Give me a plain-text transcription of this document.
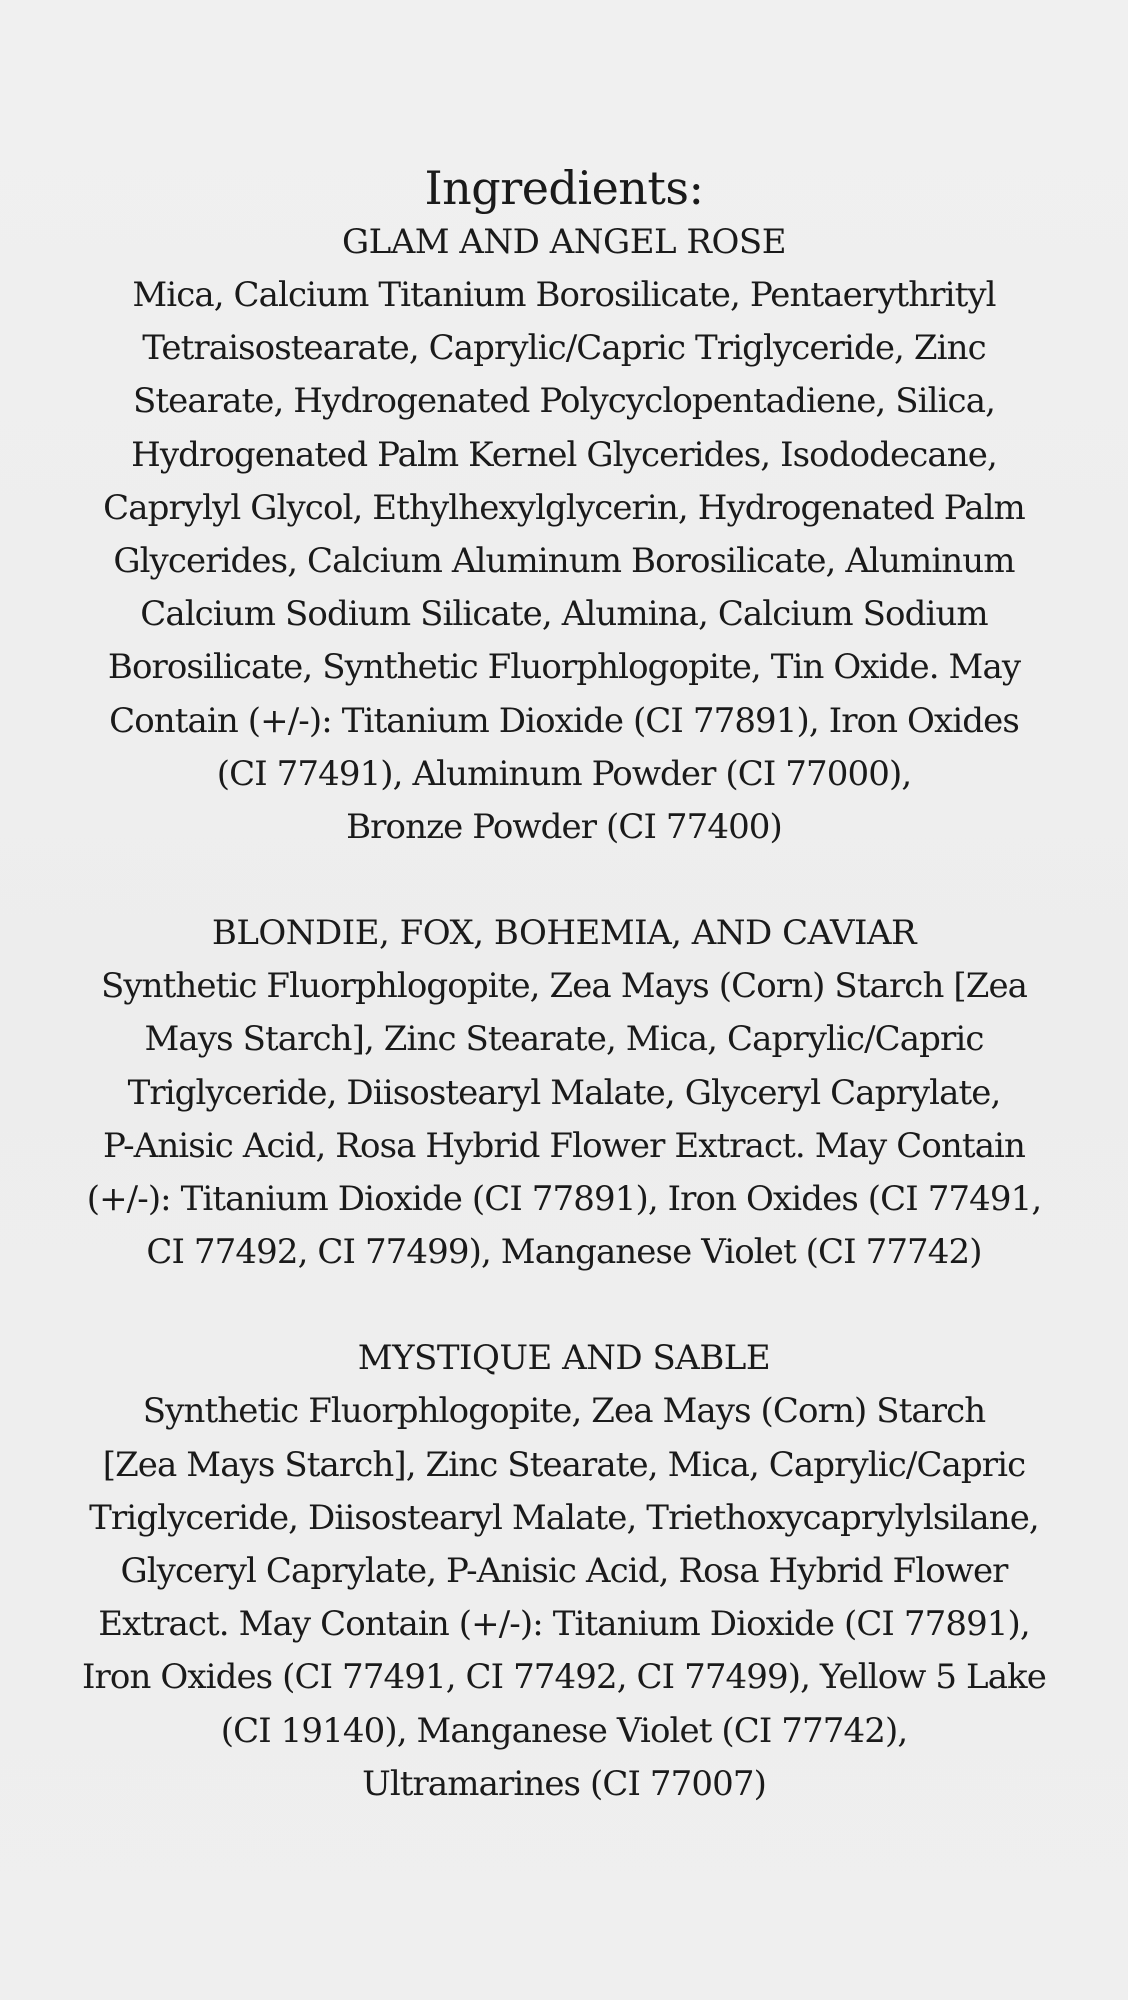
Ingredients:
GLAM AND ANGEL ROSE
Mica, Calcium Titanium Borosilicate, Pentaerythrityl
Tetraisostearate, Caprylic/Capric Triglyceride, Zinc
Stearate, Hydrogenated Polycyclopentadiene, Silica,
Hydrogenated Palm Kernel Glycerides, Isododecane,
Caprylyl Glycol, Ethylhexylglycerin, Hydrogenated Palm
Glycerides, Calcium Aluminum Borosilicate, Aluminum
Calcium Sodium Silicate, Alumina, Calcium Sodium
Borosilicate, Synthetic Fluorphlogopite, Tin Oxide. May
Contain (+/-): Titanium Dioxide (CI 77891), Iron Oxides
(CI 77491), Aluminum Powder (CI 77000),
Bronze Powder (CI 77400)
BLONDIE, FOX, BOHEMIA, AND CAVIAR
Synthetic Fluorphlogopite, Zea Mays (Corn) Starch [Zea
Mays Starch], Zinc Stearate, Mica, Caprylic/Capric
Triglyceride, Diisostearyl Malate, Glyceryl Caprylate,
P-Anisic Acid, Rosa Hybrid Flower Extract. May Contain
(+/-): Titanium Dioxide (CI 77891), Iron Oxides (CI 77491,
CI 77492, CI 77499), Manganese Violet (CI 77742)
MYSTIQUE AND SABLE
Synthetic Fluorphlogopite, Zea Mays (Corn) Starch
[Zea Mays Starch], Zinc Stearate, Mica, Caprylic/Capric
Triglyceride, Diisostearyl Malate, Triethoxycaprylylsilane,
Glyceryl Caprylate, P-Anisic Acid, Rosa Hybrid Flower
Extract. May Contain (+/-): Titanium Dioxide (CI 77891),
Iron Oxides (CI 77491, CI 77492, CI 77499), Yellow 5 Lake
(CI 19140), Manganese Violet (CI 77742),
Ultramarines (CI 77007)
